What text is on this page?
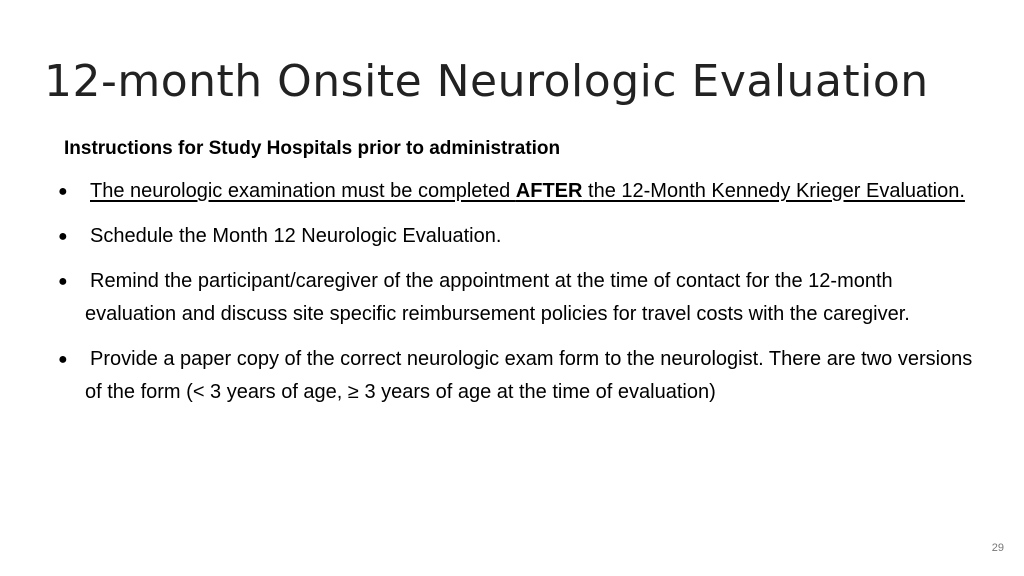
12-month Onsite Neurologic Evaluation
Instructions for Study Hospitals prior to administration
● The neurologic examination must be completed AFTER the 12-Month Kennedy Krieger Evaluation.
● Schedule the Month 12 Neurologic Evaluation.
● Remind the participant/caregiver of the appointment at the time of contact for the 12-month evaluation and discuss site specific reimbursement policies for travel costs with the caregiver.
● Provide a paper copy of the correct neurologic exam form to the neurologist. There are two versions of the form (< 3 years of age, ≥ 3 years of age at the time of evaluation)
29
